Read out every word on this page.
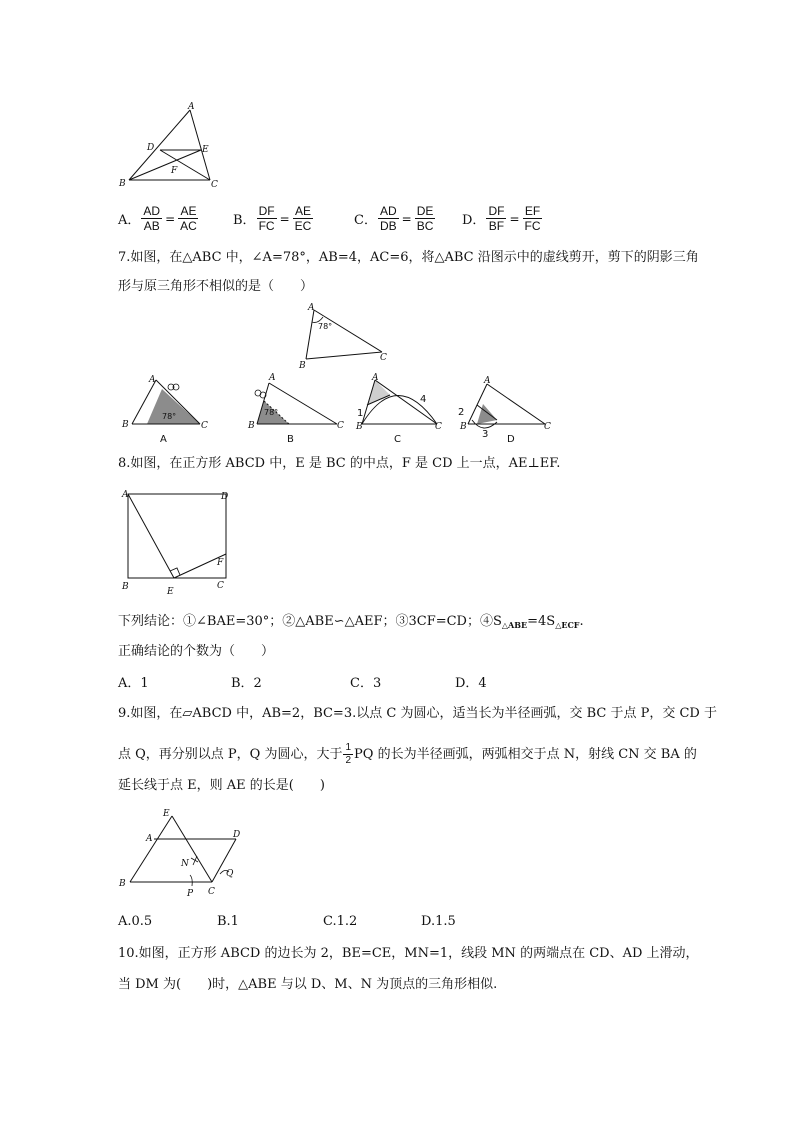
A
D	E
F
B	C
A． $\frac{AD}{AB} = \frac{AE}{AC}$	B． $\frac{DF}{FC} = \frac{AE}{EC}$	C． $\frac{AD}{DB} = \frac{DE}{BC}$ D． $\frac{DF}{BF} = \frac{EF}{FC}$
7.如图，在△ABC 中，∠A=78°，AB=4，AC=6，将△ABC 沿图示中的虚线剪开，剪下的阴影三角
形与原三角形不相似的是（　　）
A
78°
B
C
A
78°
B	C
A
A
78°
B	C
B
A
1
4
B	C
C
A
2
3
B	C
D
8.如图，在正方形 ABCD 中，E 是 BC 的中点，F 是 CD 上一点，AE⊥EF.
A	D
F
B	E
C
下列结论：①∠BAE=30°；②△ABE∽△AEF；③3CF=CD；$④S_{\triangle ABE}=4S_{\triangle ECF}$.
正确结论的个数为（　　）
A．1	B．2	C．3	D．4
9.如图，在▱ABCD 中，AB=2，BC=3.以点 C 为圆心，适当长为半径画弧，交 BC 于点 P，交 CD 于
点 Q，再分别以点 P，Q 为圆心，大于 $\frac{1}{2}$ PQ 的长为半径画弧，两弧相交于点 N，射线 CN 交 BA 的
延长线于点 E，则 AE 的长是(　　)
E
A	D
N
Q
B
C
P
A.0.5	B.1	C.1.2	D.1.5
10.如图，正方形 ABCD 的边长为 2，BE=CE，MN=1，线段 MN 的两端点在 CD、AD 上滑动，
当 DM 为(　　)时，△ABE 与以 D、M、N 为顶点的三角形相似.
